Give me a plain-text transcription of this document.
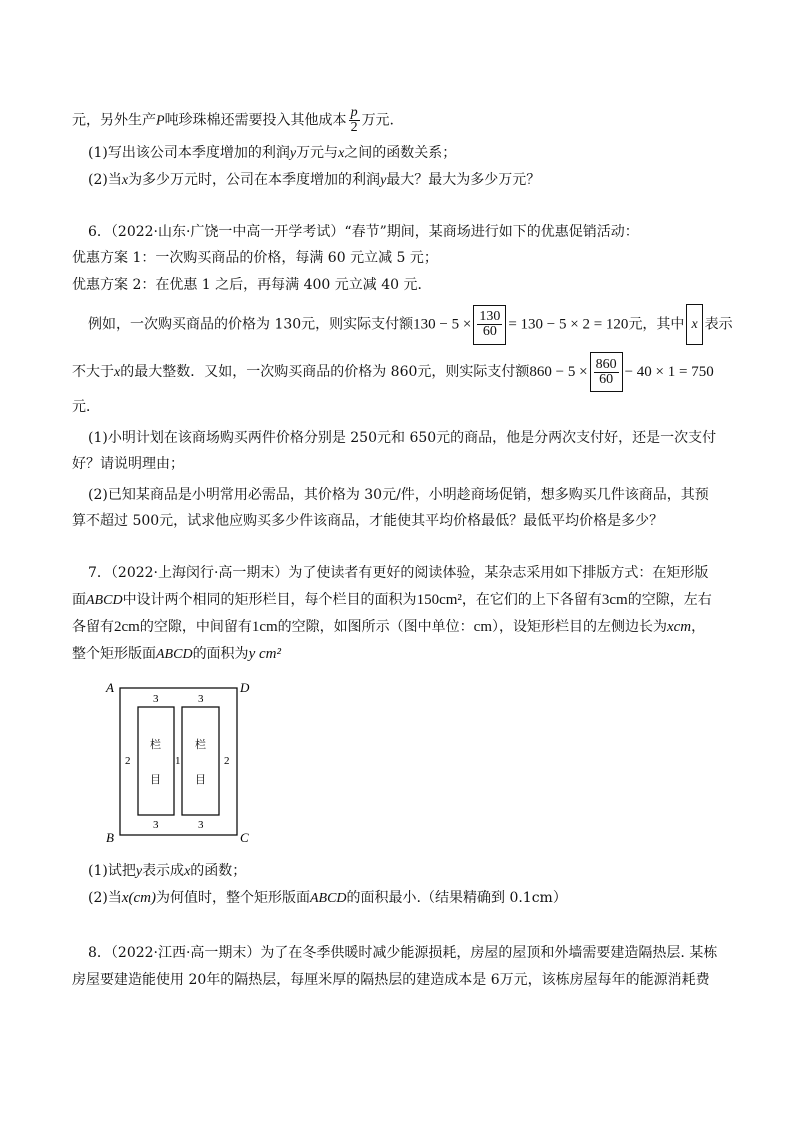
元，另外生产P吨珍珠棉还需要投入其他成本 $\frac{p}{2}$ 万元.
(1)写出该公司本季度增加的利润y万元与x之间的函数关系；
(2)当x为多少万元时，公司在本季度增加的利润y最大？最大为多少万元？
6．（2022·山东·广饶一中高一开学考试）“春节”期间，某商场进行如下的优惠促销活动：
优惠方案 1：一次购买商品的价格，每满 60 元立减 5 元；
优惠方案 2：在优惠 1 之后，再每满 400 元立减 40 元．
例如，一次购买商品的价格为 130元，则实际支付额$130 - 5 \times \frac{130}{60} = 130 - 5 \times 2 = 120$元，其中 x 表示
不大于x的最大整数．又如，一次购买商品的价格为 860元，则实际支付额$860 - 5 \times \frac{860}{60} - 40 \times 1 = 750$
元．
(1)小明计划在该商场购买两件价格分别是 250元和 650元的商品，他是分两次支付好，还是一次支付
好？请说明理由；
(2)已知某商品是小明常用必需品，其价格为 30元/件，小明趁商场促销，想多购买几件该商品，其预
算不超过 500元，试求他应购买多少件该商品，才能使其平均价格最低？最低平均价格是多少？
7．（2022·上海闵行·高一期末）为了使读者有更好的阅读体验，某杂志采用如下排版方式：在矩形版
面ABCD中设计两个相同的矩形栏目，每个栏目的面积为150cm²，在它们的上下各留有3cm的空隙，左右
各留有2cm的空隙，中间留有1cm的空隙，如图所示（图中单位：cm），设矩形栏目的左侧边长为xcm，
整个矩形版面ABCD的面积为y cm²
A	D
B	C
3	3
3	3
2	1	2
栏
目
栏
目
(1)试把y表示成x的函数；
(2)当x(cm)为何值时，整个矩形版面ABCD的面积最小.（结果精确到 0.1cm）
8．（2022·江西·高一期末）为了在冬季供暖时减少能源损耗，房屋的屋顶和外墙需要建造隔热层. 某栋
房屋要建造能使用 20年的隔热层，每厘米厚的隔热层的建造成本是 6万元，该栋房屋每年的能源消耗费
